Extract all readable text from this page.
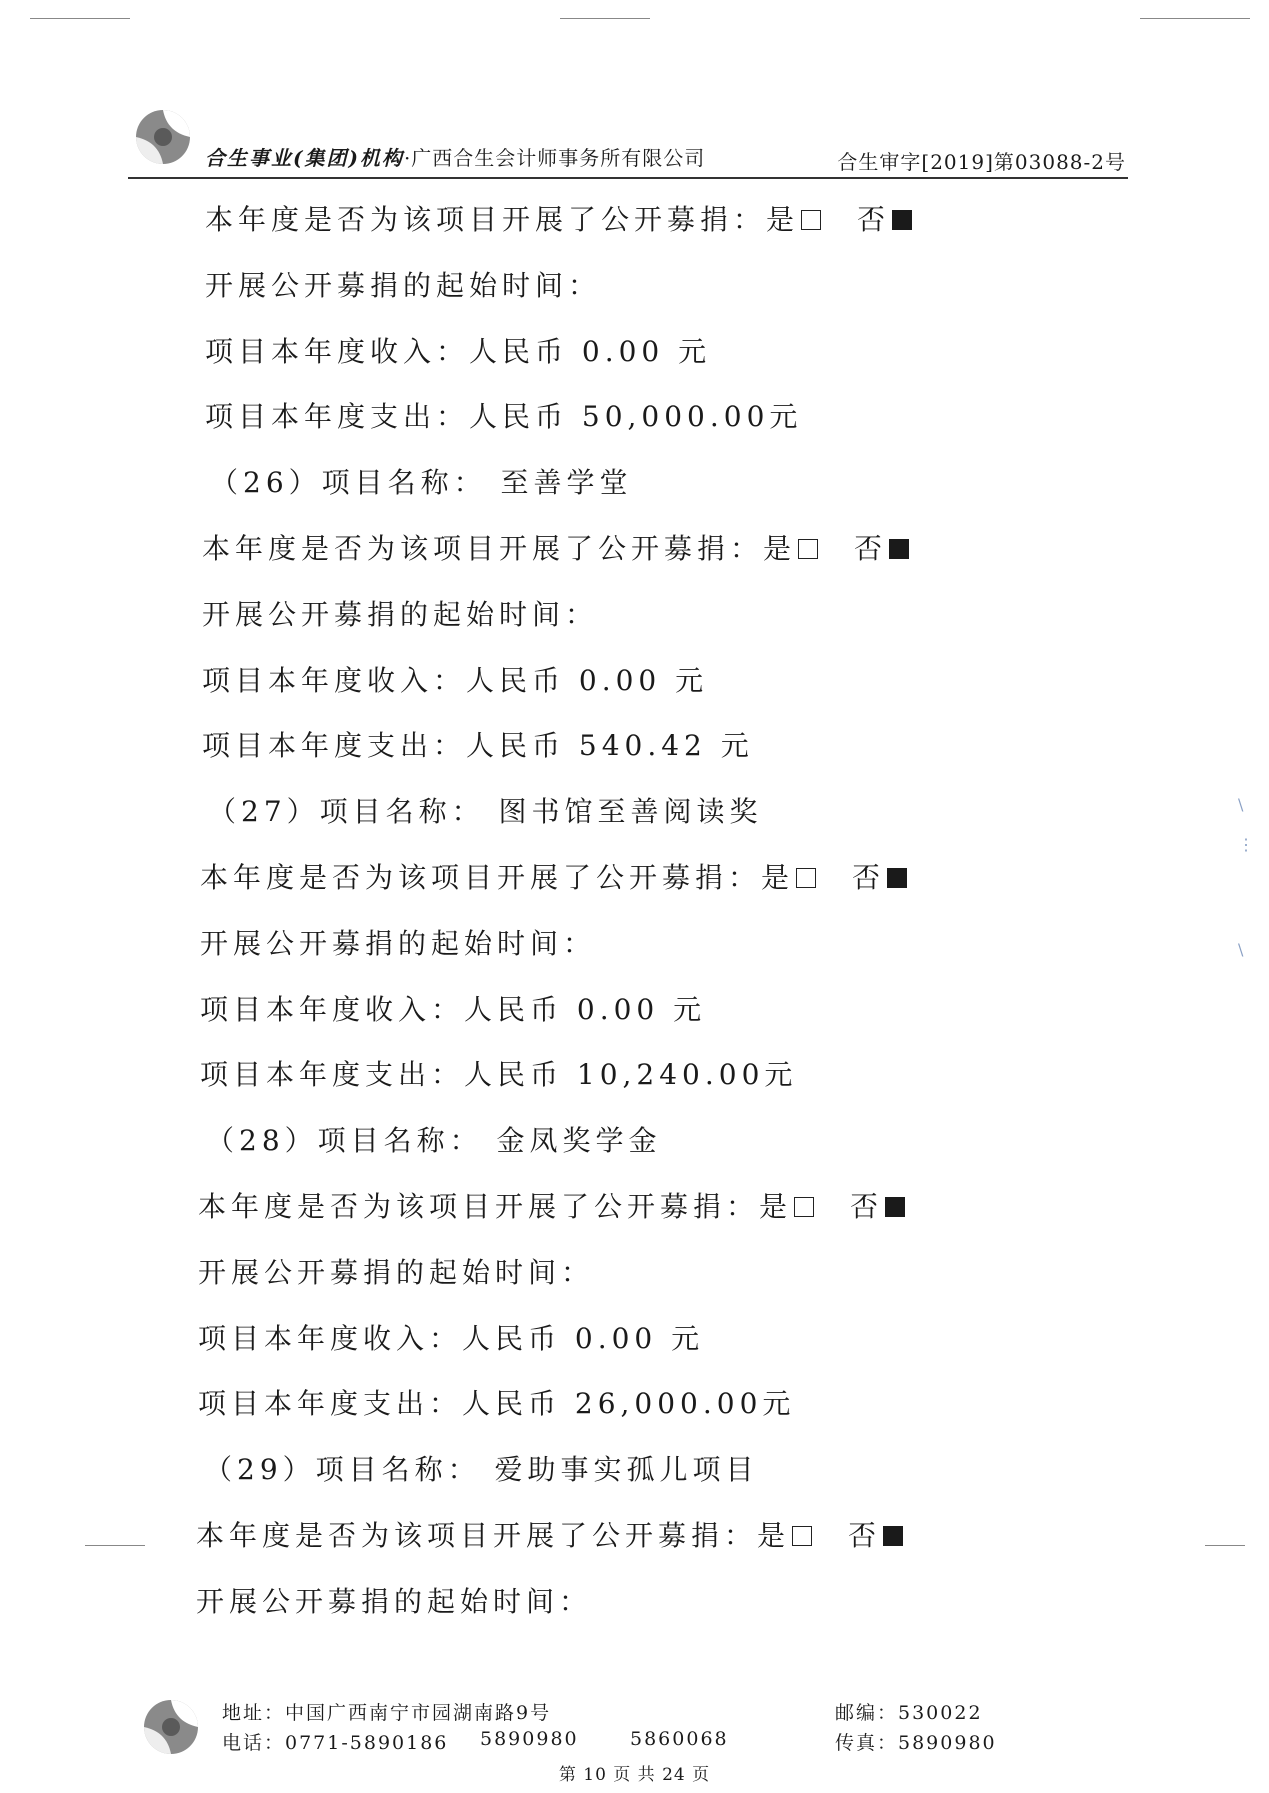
合生事业(集团)机构·广西合生会计师事务所有限公司	合生审字[2019]第03088-2号
本年度是否为该项目开展了公开募捐：是 否
开展公开募捐的起始时间：
项目本年度收入：人民币 0.00 元
项目本年度支出：人民币 50,000.00元
（26）项目名称： 至善学堂
本年度是否为该项目开展了公开募捐：是 否
开展公开募捐的起始时间：
项目本年度收入：人民币 0.00 元
项目本年度支出：人民币 540.42 元
（27）项目名称： 图书馆至善阅读奖
本年度是否为该项目开展了公开募捐：是 否
开展公开募捐的起始时间：
项目本年度收入：人民币 0.00 元
项目本年度支出：人民币 10,240.00元
（28）项目名称： 金凤奖学金
本年度是否为该项目开展了公开募捐：是 否
开展公开募捐的起始时间：
项目本年度收入：人民币 0.00 元
项目本年度支出：人民币 26,000.00元
（29）项目名称： 爱助事实孤儿项目
本年度是否为该项目开展了公开募捐：是 否
开展公开募捐的起始时间：
\
⋮
\
地址：中国广西南宁市园湖南路9号	邮编：530022
电话：0771-5890186 5890980	5860068	传真：5890980
第 10 页 共 24 页
